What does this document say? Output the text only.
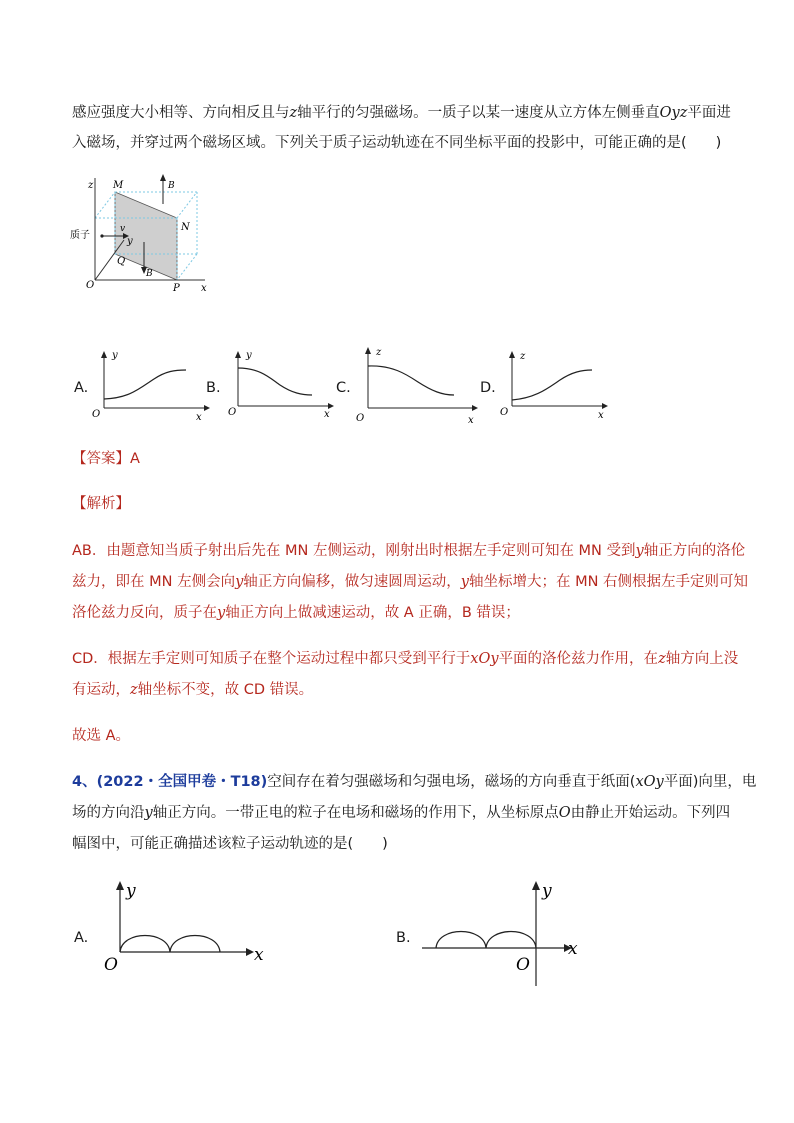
感应强度大小相等、方向相反且与z轴平行的匀强磁场。一质子以某一速度从立方体左侧垂直Oyz平面进
入磁场，并穿过两个磁场区域。下列关于质子运动轨迹在不同坐标平面的投影中，可能正确的是(　　)
z
y
x
O
M
N
P
Q
B
B
v
质子
A.
y
x
O
B.
y
x
O
C.
z
x
O
D.
z
x
O
【答案】A
【解析】
AB．由题意知当质子射出后先在 MN 左侧运动，刚射出时根据左手定则可知在 MN 受到y轴正方向的洛伦
兹力，即在 MN 左侧会向y轴正方向偏移，做匀速圆周运动，y轴坐标增大；在 MN 右侧根据左手定则可知
洛伦兹力反向，质子在y轴正方向上做减速运动，故 A 正确，B 错误；
CD．根据左手定则可知质子在整个运动过程中都只受到平行于xOy平面的洛伦兹力作用，在z轴方向上没
有运动，z轴坐标不变，故 CD 错误。
故选 A。
4、(2022・全国甲卷・T18)空间存在着匀强磁场和匀强电场，磁场的方向垂直于纸面(xOy平面)向里，电
场的方向沿y轴正方向。一带正电的粒子在电场和磁场的作用下，从坐标原点O由静止开始运动。下列四
幅图中，可能正确描述该粒子运动轨迹的是(　　)
A.
y
x
O
B.
y
x
O
